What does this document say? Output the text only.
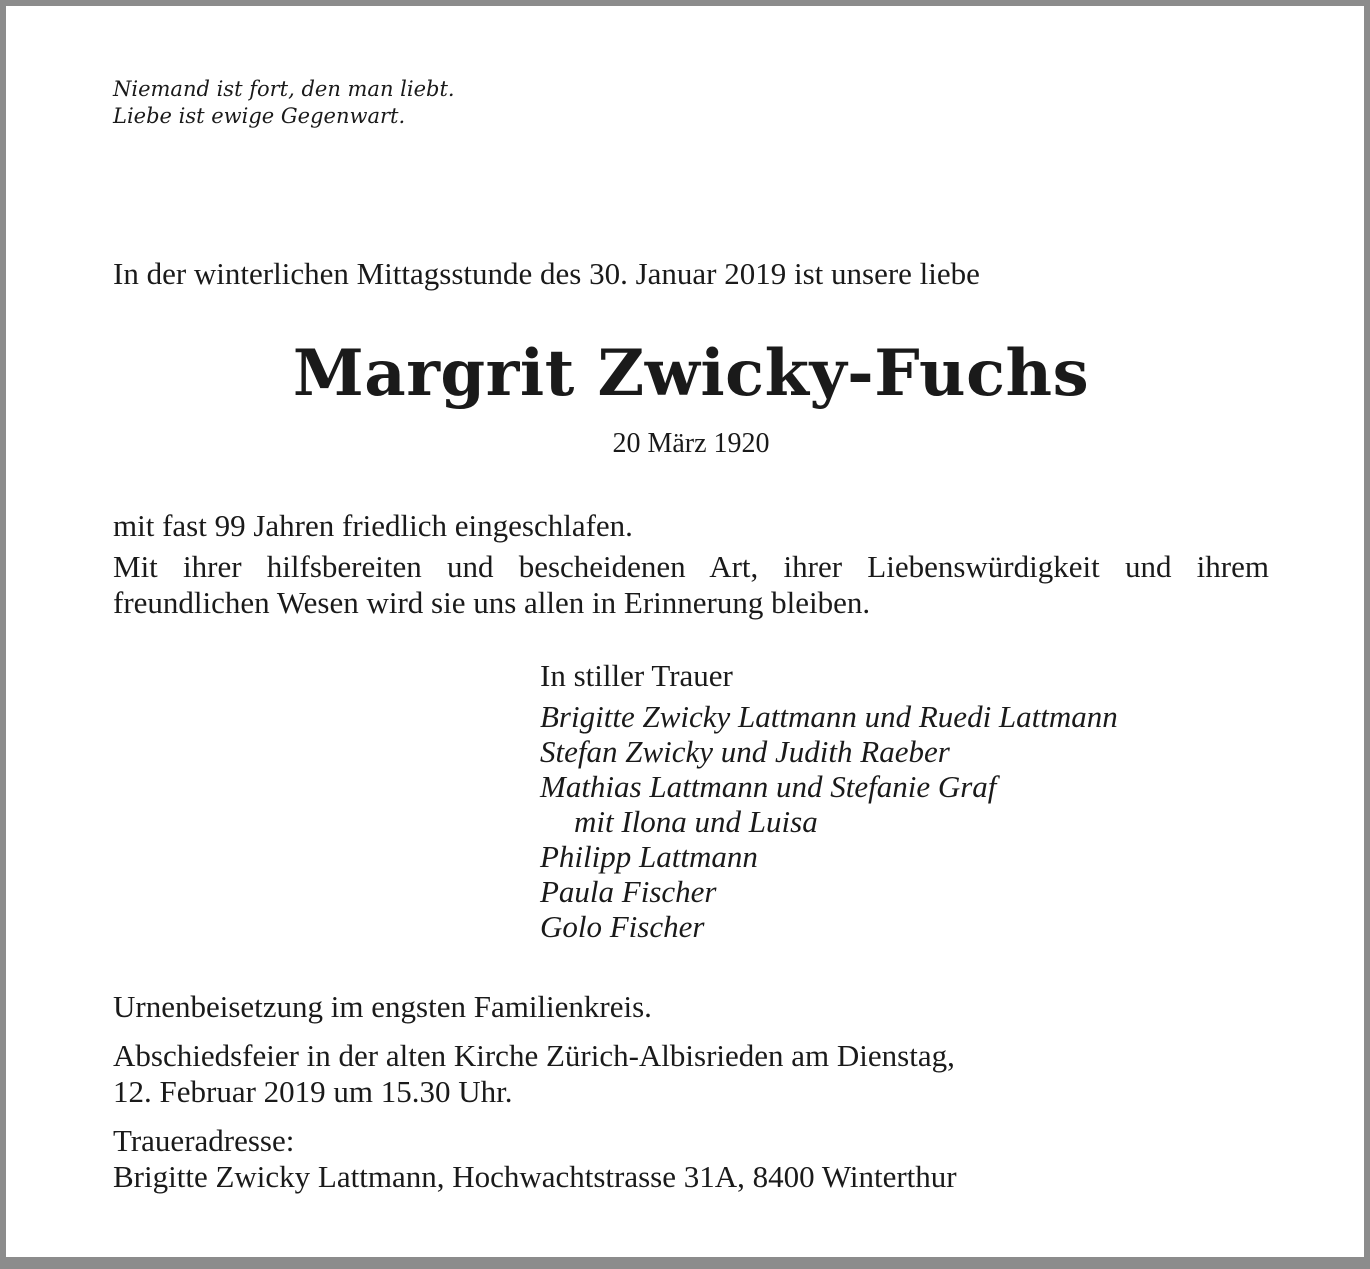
Niemand ist fort, den man liebt.
Liebe ist ewige Gegenwart.
In der winterlichen Mittagsstunde des 30. Januar 2019 ist unsere liebe
Margrit Zwicky-Fuchs
20 März 1920
mit fast 99 Jahren friedlich eingeschlafen.
Mit ihrer hilfsbereiten und bescheidenen Art, ihrer Liebenswürdigkeit und ihrem freundlichen Wesen wird sie uns allen in Erinnerung bleiben.
In stiller Trauer
Brigitte Zwicky Lattmann und Ruedi Lattmann
Stefan Zwicky und Judith Raeber
Mathias Lattmann und Stefanie Graf
mit Ilona und Luisa
Philipp Lattmann
Paula Fischer
Golo Fischer
Urnenbeisetzung im engsten Familienkreis.
Abschiedsfeier in der alten Kirche Zürich-Albisrieden am Dienstag,
12. Februar 2019 um 15.30 Uhr.
Traueradresse:
Brigitte Zwicky Lattmann, Hochwachtstrasse 31A, 8400 Winterthur
